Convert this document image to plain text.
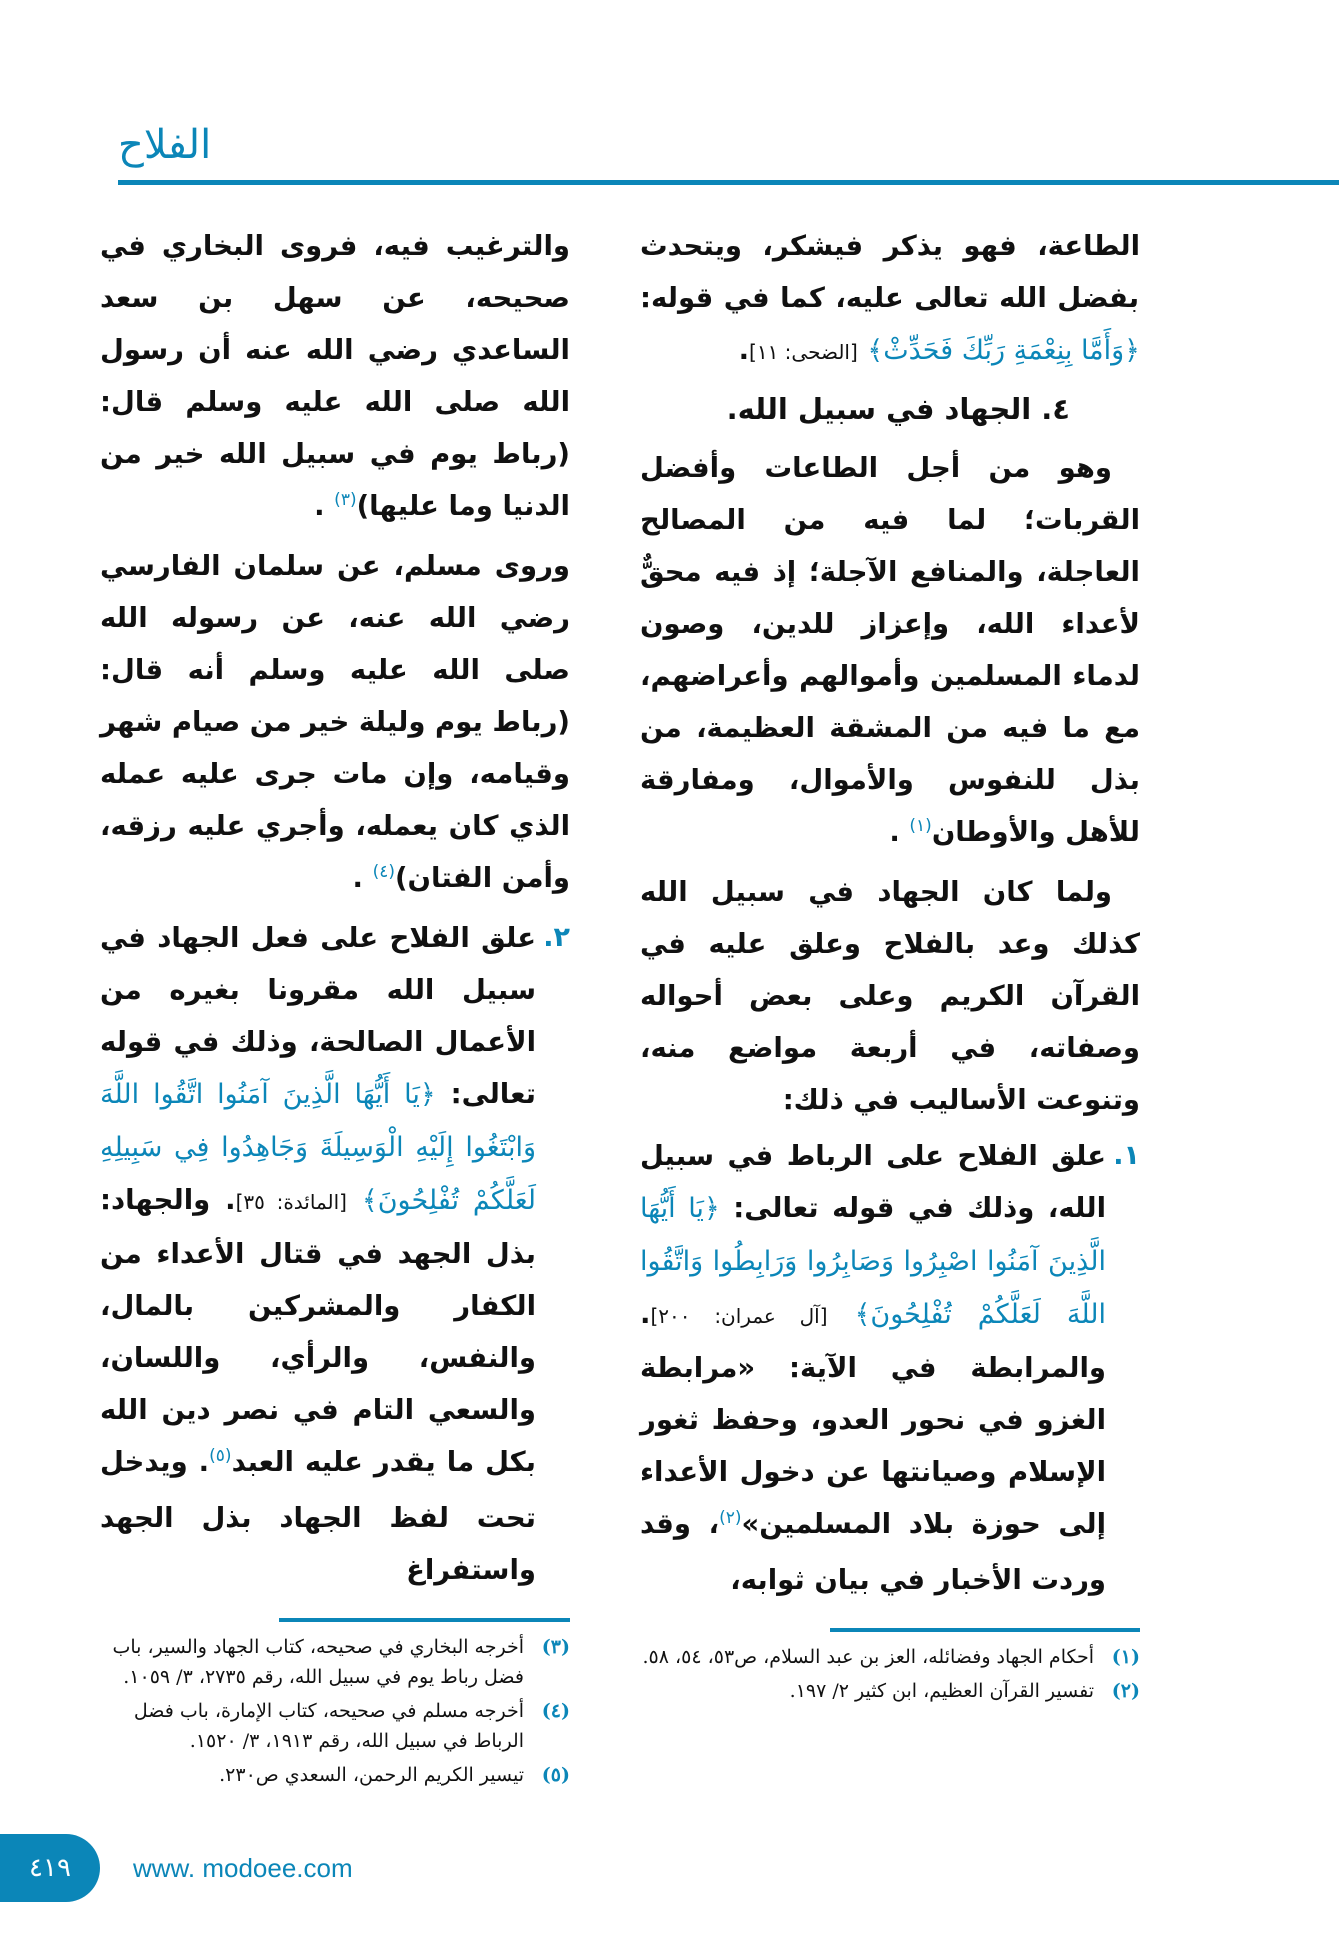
الفلاح

الطاعة، فهو يذكر فيشكر، ويتحدث بفضل الله تعالى عليه، كما في قوله: ﴿وَأَمَّا بِنِعْمَةِ رَبِّكَ فَحَدِّثْ﴾ [الضحى: ١١].

٤. الجهاد في سبيل الله.

وهو من أجل الطاعات وأفضل القربات؛ لما فيه من المصالح العاجلة، والمنافع الآجلة؛ إذ فيه محقٌّ لأعداء الله، وإعزاز للدين، وصون لدماء المسلمين وأموالهم وأعراضهم، مع ما فيه من المشقة العظيمة، من بذل للنفوس والأموال، ومفارقة للأهل والأوطان$^{(١)}$ .

ولما كان الجهاد في سبيل الله كذلك وعد بالفلاح وعلق عليه في القرآن الكريم وعلى بعض أحواله وصفاته، في أربعة مواضع منه، وتنوعت الأساليب في ذلك:

١.
علق الفلاح على الرباط في سبيل الله، وذلك في قوله تعالى: ﴿يَا أَيُّهَا الَّذِينَ آمَنُوا اصْبِرُوا وَصَابِرُوا وَرَابِطُوا وَاتَّقُوا اللَّهَ لَعَلَّكُمْ تُفْلِحُونَ﴾ [آل عمران: ٢٠٠]. والمرابطة في الآية: «مرابطة الغزو في نحور العدو، وحفظ ثغور الإسلام وصيانتها عن دخول الأعداء إلى حوزة بلاد المسلمين»$^{(٢)}$، وقد وردت الأخبار في بيان ثوابه،
(١)
أحكام الجهاد وفضائله، العز بن عبد السلام، ص٥٣، ٥٤، ٥٨.
(٢)
تفسير القرآن العظيم، ابن كثير ٢/ ١٩٧.

والترغيب فيه، فروى البخاري في صحيحه، عن سهل بن سعد الساعدي رضي الله عنه أن رسول الله صلى الله عليه وسلم قال: (رباط يوم في سبيل الله خير من الدنيا وما عليها)$^{(٣)}$ .

وروى مسلم، عن سلمان الفارسي رضي الله عنه، عن رسوله الله صلى الله عليه وسلم أنه قال: (رباط يوم وليلة خير من صيام شهر وقيامه، وإن مات جرى عليه عمله الذي كان يعمله، وأجري عليه رزقه، وأمن الفتان)$^{(٤)}$ .

٢.
علق الفلاح على فعل الجهاد في سبيل الله مقرونا بغيره من الأعمال الصالحة، وذلك في قوله تعالى: ﴿يَا أَيُّهَا الَّذِينَ آمَنُوا اتَّقُوا اللَّهَ وَابْتَغُوا إِلَيْهِ الْوَسِيلَةَ وَجَاهِدُوا فِي سَبِيلِهِ لَعَلَّكُمْ تُفْلِحُونَ﴾ [المائدة: ٣٥]. والجهاد: بذل الجهد في قتال الأعداء من الكفار والمشركين بالمال، والنفس، والرأي، واللسان، والسعي التام في نصر دين الله بكل ما يقدر عليه العبد$^{(٥)}$. ويدخل تحت لفظ الجهاد بذل الجهد واستفراغ
(٣)
أخرجه البخاري في صحيحه، كتاب الجهاد والسير، باب فضل رباط يوم في سبيل الله، رقم ٢٧٣٥، ٣/ ١٠٥٩.
(٤)
أخرجه مسلم في صحيحه، كتاب الإمارة، باب فضل الرباط في سبيل الله، رقم ١٩١٣، ٣/ ١٥٢٠.
(٥)
تيسير الكريم الرحمن، السعدي ص٢٣٠.
٤١٩ www. modoee.com
